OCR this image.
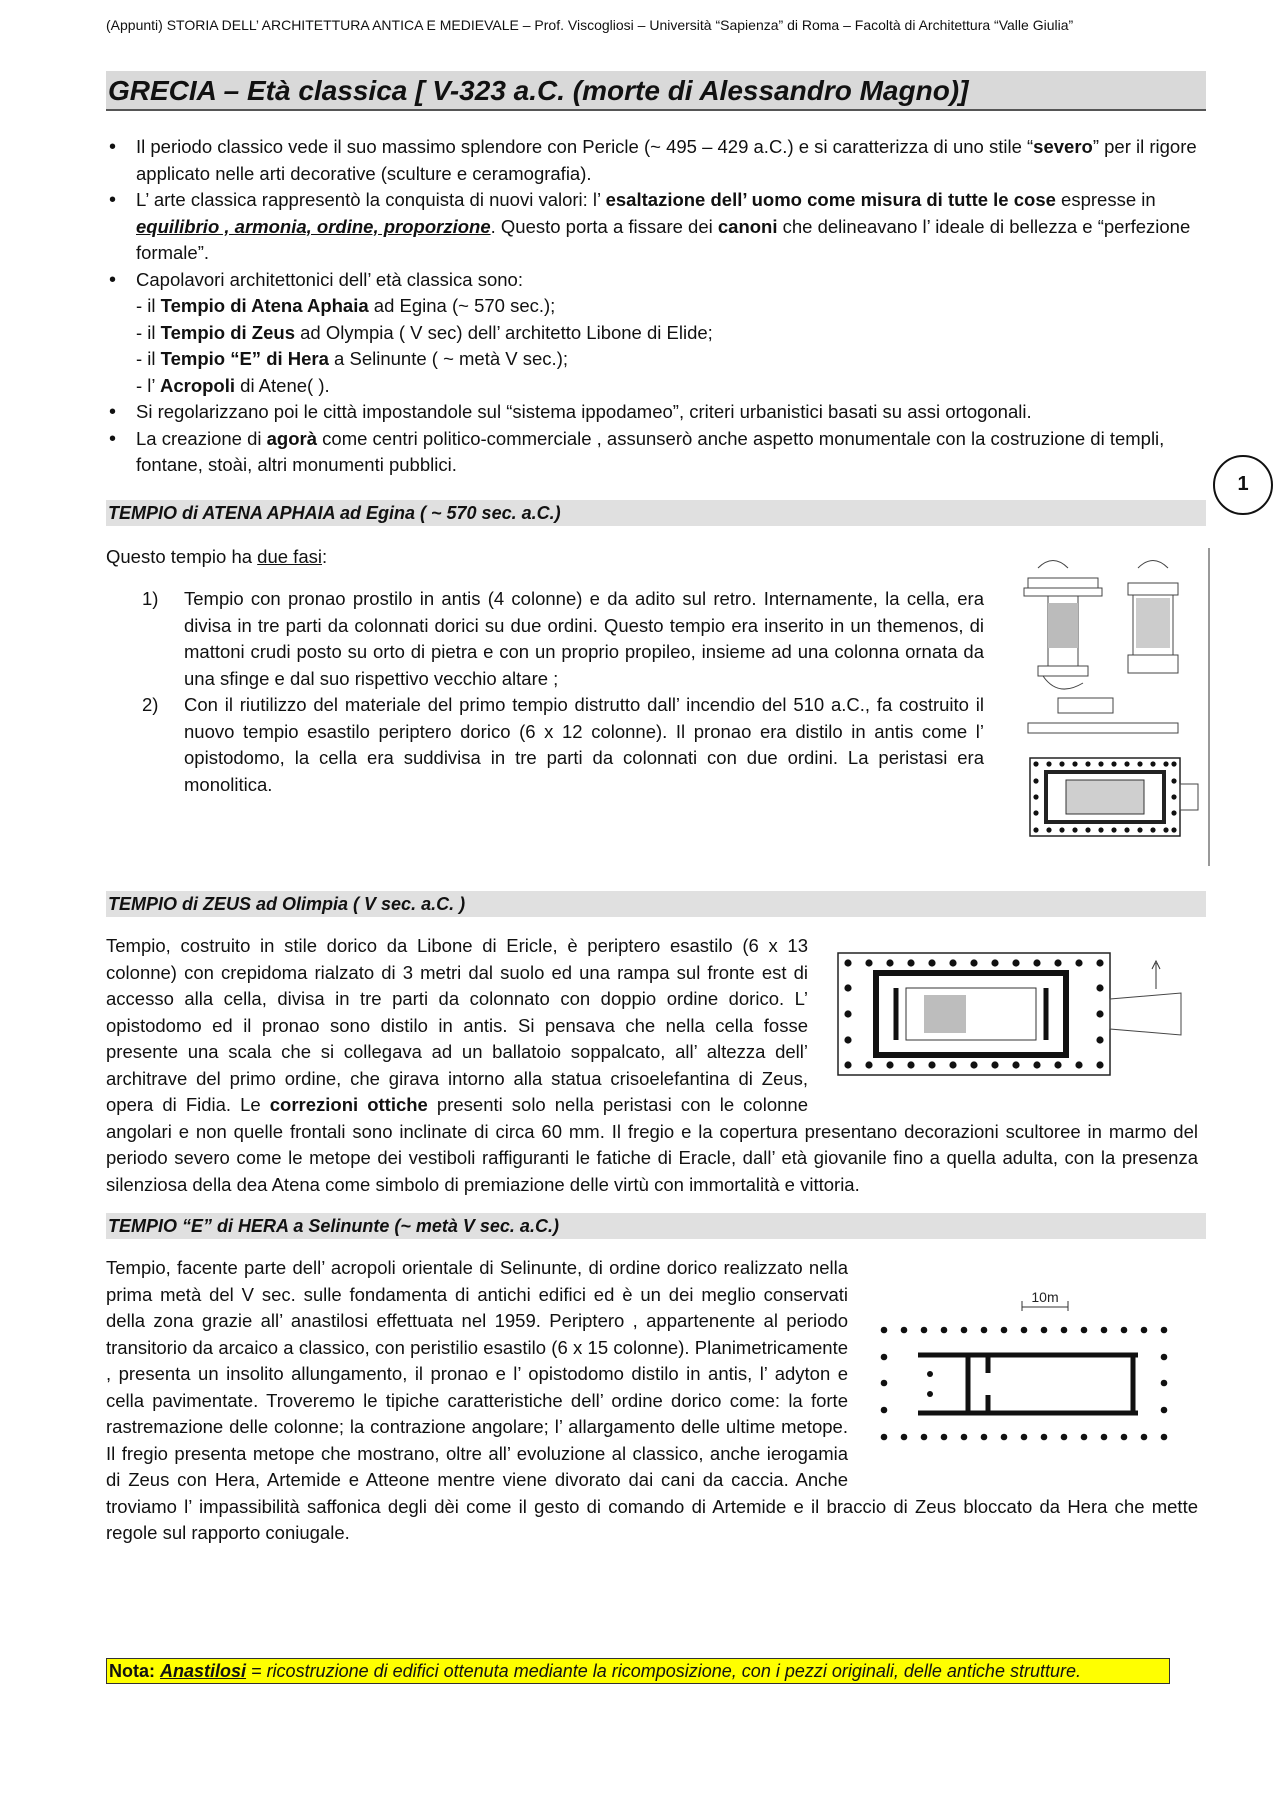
(Appunti) STORIA DELL’ ARCHITETTURA ANTICA E MEDIEVALE – Prof. Viscogliosi – Università “Sapienza” di Roma – Facoltà di Architettura “Valle Giulia”
GRECIA – Età classica [ V-323 a.C. (morte di Alessandro Magno)]
• Il periodo classico vede il suo massimo splendore con Pericle (~ 495 – 429 a.C.) e si caratterizza di uno stile “severo” per il rigore applicato nelle arti decorative (sculture e ceramografia).
• L’ arte classica rappresentò la conquista di nuovi valori: l’ esaltazione dell’ uomo come misura di tutte le cose espresse in equilibrio , armonia, ordine, proporzione. Questo porta a fissare dei canoni che delineavano l’ ideale di bellezza e “perfezione formale”.
• Capolavori architettonici dell’ età classica sono:
- il Tempio di Atena Aphaia ad Egina (~ 570 sec.);
- il Tempio di Zeus ad Olympia ( V sec) dell’ architetto Libone di Elide;
- il Tempio “E” di Hera a Selinunte ( ~ metà V sec.);
- l’ Acropoli di Atene( ).
• Si regolarizzano poi le città impostandole sul “sistema ippodameo”, criteri urbanistici basati su assi ortogonali.
• La creazione di agorà come centri politico-commerciale , assunserò anche aspetto monumentale con la costruzione di templi, fontane, stoài, altri monumenti pubblici.
1
TEMPIO di ATENA APHAIA ad Egina ( ~ 570 sec. a.C.)
Questo tempio ha due fasi:
1) Tempio con pronao prostilo in antis (4 colonne) e da adito sul retro. Internamente, la cella, era divisa in tre parti da colonnati dorici su due ordini. Questo tempio era inserito in un themenos, di mattoni crudi posto su orto di pietra e con un proprio propileo, insieme ad una colonna ornata da una sfinge e dal suo rispettivo vecchio altare ;
2) Con il riutilizzo del materiale del primo tempio distrutto dall’ incendio del 510 a.C., fa costruito il nuovo tempio esastilo periptero dorico (6 x 12 colonne). Il pronao era distilo in antis come l’ opistodomo, la cella era suddivisa in tre parti da colonnati con due ordini. La peristasi era monolitica.

TEMPIO di ZEUS ad Olimpia ( V sec. a.C. )
Tempio, costruito in stile dorico da Libone di Ericle, è periptero esastilo (6 x 13 colonne) con crepidoma rialzato di 3 metri dal suolo ed una rampa sul fronte est di accesso alla cella, divisa in tre parti da colonnato con doppio ordine dorico. L’ opistodomo ed il pronao sono distilo in antis. Si pensava che nella cella fosse presente una scala che si collegava ad un ballatoio soppalcato, all’ altezza dell’ architrave del primo ordine, che girava intorno alla statua crisoelefantina di Zeus, opera di Fidia. Le correzioni ottiche presenti solo nella peristasi con le colonne angolari e non quelle frontali sono inclinate di circa 60 mm. Il fregio e la copertura presentano decorazioni scultoree in marmo del periodo severo come le metope dei vestiboli raffiguranti le fatiche di Eracle, dall’ età giovanile fino a quella adulta, con la presenza silenziosa della dea Atena come simbolo di premiazione delle virtù con immortalità e vittoria.
TEMPIO “E” di HERA a Selinunte (~ metà V sec. a.C.)
10m
Tempio, facente parte dell’ acropoli orientale di Selinunte, di ordine dorico realizzato nella prima metà del V sec. sulle fondamenta di antichi edifici ed è un dei meglio conservati della zona grazie all’ anastilosi effettuata nel 1959. Periptero , appartenente al periodo transitorio da arcaico a classico, con peristilio esastilo (6 x 15 colonne). Planimetricamente , presenta un insolito allungamento, il pronao e l’ opistodomo distilo in antis, l’ adyton e cella pavimentate. Troveremo le tipiche caratteristiche dell’ ordine dorico come: la forte rastremazione delle colonne; la contrazione angolare; l’ allargamento delle ultime metope. Il fregio presenta metope che mostrano, oltre all’ evoluzione al classico, anche ierogamia di Zeus con Hera, Artemide e Atteone mentre viene divorato dai cani da caccia. Anche troviamo l’ impassibilità saffonica degli dèi come il gesto di comando di Artemide e il braccio di Zeus bloccato da Hera che mette regole sul rapporto coniugale.
Nota: Anastilosi = ricostruzione di edifici ottenuta mediante la ricomposizione, con i pezzi originali, delle antiche strutture.
